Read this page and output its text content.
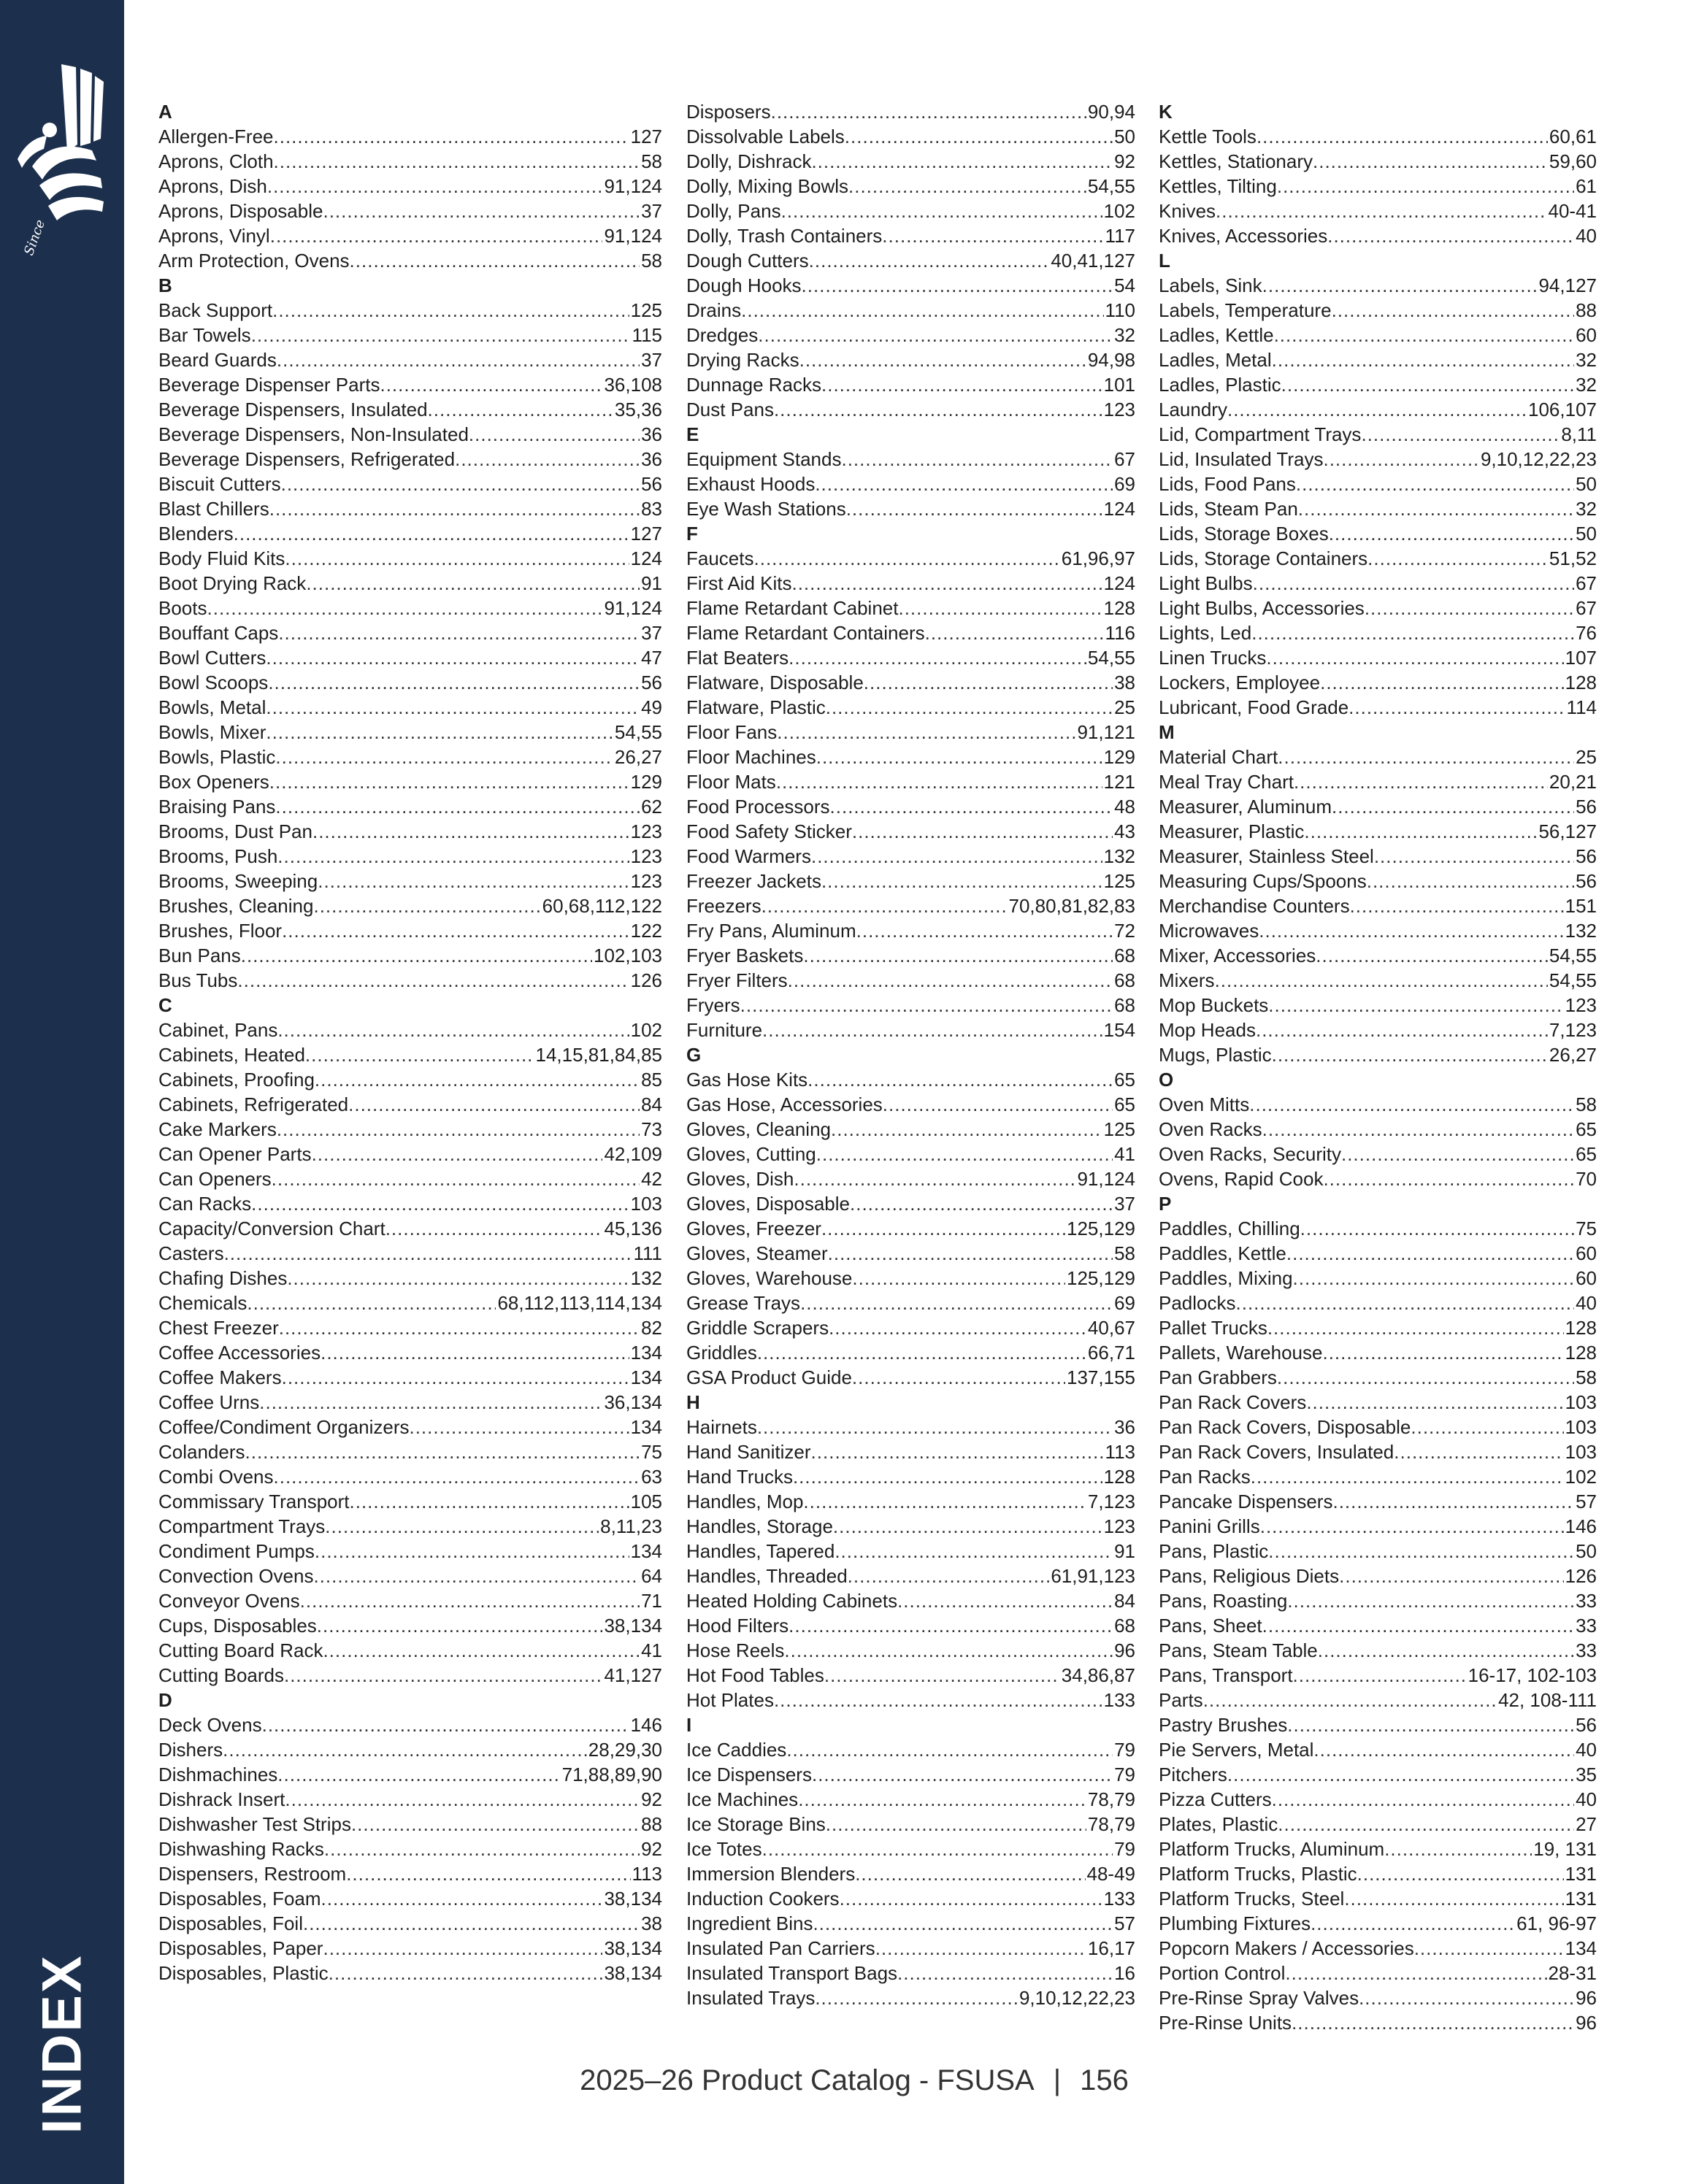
Since
INDEX
A
Allergen-Free .....	127
Aprons, Cloth .....	58
Aprons, Dish .....	91,124
Aprons, Disposable .....	37
Aprons, Vinyl .....	91,124
Arm Protection, Ovens .....	58
B
Back Support .....	125
Bar Towels .....	115
Beard Guards .....	37
Beverage Dispenser Parts .....	36,108
Beverage Dispensers, Insulated .....	35,36
Beverage Dispensers, Non-Insulated .....	36
Beverage Dispensers, Refrigerated .....	36
Biscuit Cutters .....	56
Blast Chillers .....	83
Blenders .....	127
Body Fluid Kits .....	124
Boot Drying Rack .....	91
Boots .....	91,124
Bouffant Caps .....	37
Bowl Cutters .....	47
Bowl Scoops .....	56
Bowls, Metal .....	49
Bowls, Mixer .....	54,55
Bowls, Plastic .....	26,27
Box Openers .....	129
Braising Pans .....	62
Brooms, Dust Pan .....	123
Brooms, Push .....	123
Brooms, Sweeping .....	123
Brushes, Cleaning .....	60,68,112,122
Brushes, Floor .....	122
Bun Pans .....	102,103
Bus Tubs .....	126
C
Cabinet, Pans .....	102
Cabinets, Heated .....	14,15,81,84,85
Cabinets, Proofing .....	85
Cabinets, Refrigerated .....	84
Cake Markers .....	73
Can Opener Parts .....	42,109
Can Openers .....	42
Can Racks .....	103
Capacity/Conversion Chart .....	45,136
Casters .....	111
Chafing Dishes .....	132
Chemicals .....	68,112,113,114,134
Chest Freezer .....	82
Coffee Accessories .....	134
Coffee Makers .....	134
Coffee Urns .....	36,134
Coffee/Condiment Organizers .....	134
Colanders .....	75
Combi Ovens .....	63
Commissary Transport .....	105
Compartment Trays .....	8,11,23
Condiment Pumps .....	134
Convection Ovens .....	64
Conveyor Ovens .....	71
Cups, Disposables .....	38,134
Cutting Board Rack .....	41
Cutting Boards .....	41,127
D
Deck Ovens .....	146
Dishers .....	28,29,30
Dishmachines .....	71,88,89,90
Dishrack Insert .....	92
Dishwasher Test Strips .....	88
Dishwashing Racks .....	92
Dispensers, Restroom .....	113
Disposables, Foam .....	38,134
Disposables, Foil .....	38
Disposables, Paper .....	38,134
Disposables, Plastic .....	38,134
Disposers .....	90,94
Dissolvable Labels .....	50
Dolly, Dishrack .....	92
Dolly, Mixing Bowls .....	54,55
Dolly, Pans .....	102
Dolly, Trash Containers .....	117
Dough Cutters .....	40,41,127
Dough Hooks .....	54
Drains .....	110
Dredges .....	32
Drying Racks .....	94,98
Dunnage Racks .....	101
Dust Pans .....	123
E
Equipment Stands .....	67
Exhaust Hoods .....	69
Eye Wash Stations .....	124
F
Faucets .....	61,96,97
First Aid Kits .....	124
Flame Retardant Cabinet .....	128
Flame Retardant Containers .....	116
Flat Beaters .....	54,55
Flatware, Disposable .....	38
Flatware, Plastic .....	25
Floor Fans .....	91,121
Floor Machines .....	129
Floor Mats .....	121
Food Processors .....	48
Food Safety Sticker .....	43
Food Warmers .....	132
Freezer Jackets .....	125
Freezers .....	70,80,81,82,83
Fry Pans, Aluminum .....	72
Fryer Baskets .....	68
Fryer Filters .....	68
Fryers .....	68
Furniture .....	154
G
Gas Hose Kits .....	65
Gas Hose, Accessories .....	65
Gloves, Cleaning .....	125
Gloves, Cutting .....	41
Gloves, Dish .....	91,124
Gloves, Disposable .....	37
Gloves, Freezer .....	125,129
Gloves, Steamer .....	58
Gloves, Warehouse .....	125,129
Grease Trays .....	69
Griddle Scrapers .....	40,67
Griddles .....	66,71
GSA Product Guide .....	137,155
H
Hairnets .....	36
Hand Sanitizer .....	113
Hand Trucks .....	128
Handles, Mop .....	7,123
Handles, Storage .....	123
Handles, Tapered .....	91
Handles, Threaded .....	61,91,123
Heated Holding Cabinets .....	84
Hood Filters .....	68
Hose Reels .....	96
Hot Food Tables .....	34,86,87
Hot Plates .....	133
I
Ice Caddies .....	79
Ice Dispensers .....	79
Ice Machines .....	78,79
Ice Storage Bins .....	78,79
Ice Totes .....	79
Immersion Blenders .....	48-49
Induction Cookers .....	133
Ingredient Bins .....	57
Insulated Pan Carriers .....	16,17
Insulated Transport Bags .....	16
Insulated Trays .....	9,10,12,22,23
K
Kettle Tools .....	60,61
Kettles, Stationary .....	59,60
Kettles, Tilting .....	61
Knives .....	40-41
Knives, Accessories .....	40
L
Labels, Sink .....	94,127
Labels, Temperature .....	88
Ladles, Kettle .....	60
Ladles, Metal .....	32
Ladles, Plastic .....	32
Laundry .....	106,107
Lid, Compartment Trays .....	8,11
Lid, Insulated Trays .....	9,10,12,22,23
Lids, Food Pans .....	50
Lids, Steam Pan .....	32
Lids, Storage Boxes .....	50
Lids, Storage Containers .....	51,52
Light Bulbs .....	67
Light Bulbs, Accessories .....	67
Lights, Led .....	76
Linen Trucks .....	107
Lockers, Employee .....	128
Lubricant, Food Grade .....	114
M
Material Chart .....	25
Meal Tray Chart .....	20,21
Measurer, Aluminum .....	56
Measurer, Plastic .....	56,127
Measurer, Stainless Steel .....	56
Measuring Cups/Spoons .....	56
Merchandise Counters .....	151
Microwaves .....	132
Mixer, Accessories .....	54,55
Mixers .....	54,55
Mop Buckets .....	123
Mop Heads .....	7,123
Mugs, Plastic .....	26,27
O
Oven Mitts .....	58
Oven Racks .....	65
Oven Racks, Security .....	65
Ovens, Rapid Cook .....	70
P
Paddles, Chilling .....	75
Paddles, Kettle .....	60
Paddles, Mixing .....	60
Padlocks .....	40
Pallet Trucks .....	128
Pallets, Warehouse .....	128
Pan Grabbers .....	58
Pan Rack Covers .....	103
Pan Rack Covers, Disposable .....	103
Pan Rack Covers, Insulated .....	103
Pan Racks .....	102
Pancake Dispensers .....	57
Panini Grills .....	146
Pans, Plastic .....	50
Pans, Religious Diets .....	126
Pans, Roasting .....	33
Pans, Sheet .....	33
Pans, Steam Table .....	33
Pans, Transport .....	16-17, 102-103
Parts .....	42, 108-111
Pastry Brushes .....	56
Pie Servers, Metal .....	40
Pitchers .....	35
Pizza Cutters .....	40
Plates, Plastic .....	27
Platform Trucks, Aluminum .....	19, 131
Platform Trucks, Plastic .....	131
Platform Trucks, Steel .....	131
Plumbing Fixtures .....	61, 96-97
Popcorn Makers / Accessories .....	134
Portion Control .....	28-31
Pre-Rinse Spray Valves .....	96
Pre-Rinse Units .....	96
2025–26 Product Catalog - FSUSA | 156
